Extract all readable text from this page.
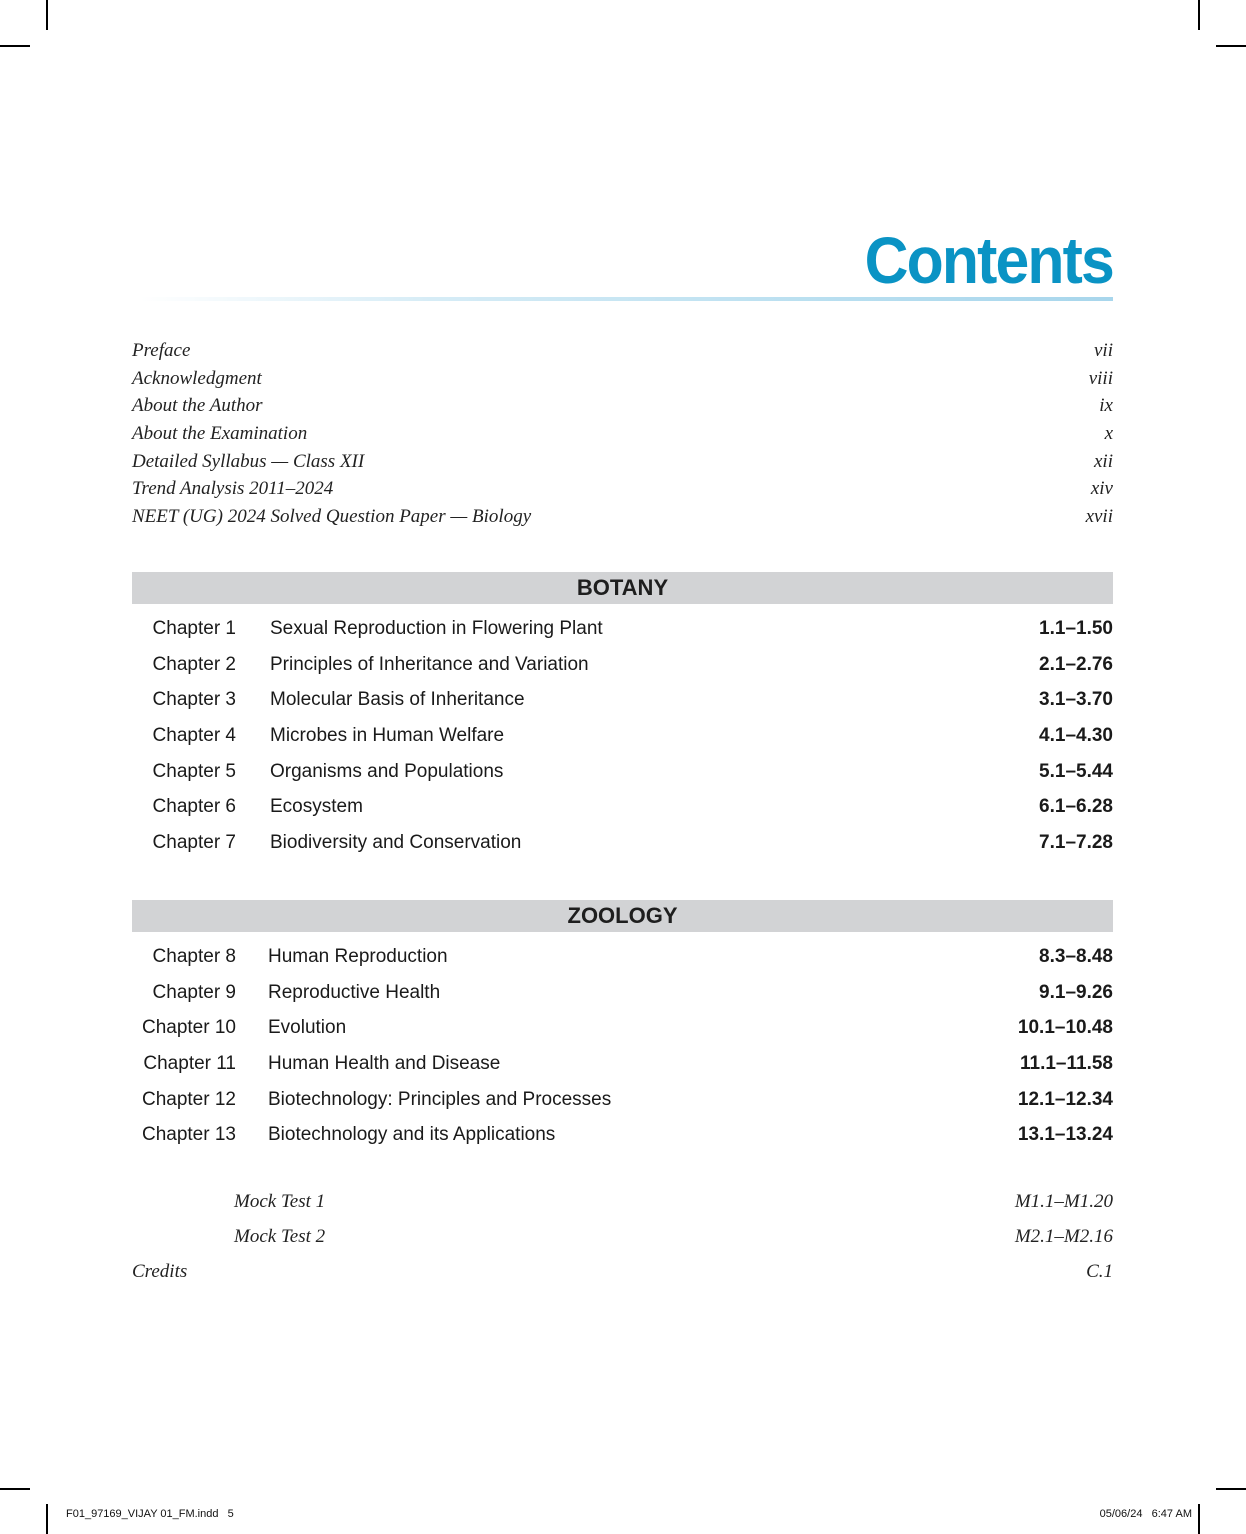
Contents
Preface	vii
Acknowledgment	viii
About the Author	ix
About the Examination	x
Detailed Syllabus — Class XII	xii
Trend Analysis 2011–2024	xiv
NEET (UG) 2024 Solved Question Paper — Biology	xvii
BOTANY
Chapter 1 Sexual Reproduction in Flowering Plant	1.1–1.50
Chapter 2 Principles of Inheritance and Variation	2.1–2.76
Chapter 3 Molecular Basis of Inheritance	3.1–3.70
Chapter 4 Microbes in Human Welfare	4.1–4.30
Chapter 5 Organisms and Populations	5.1–5.44
Chapter 6 Ecosystem	6.1–6.28
Chapter 7 Biodiversity and Conservation	7.1–7.28
ZOOLOGY
Chapter 8 Human Reproduction	8.3–8.48
Chapter 9 Reproductive Health	9.1–9.26
Chapter 10 Evolution	10.1–10.48
Chapter 11 Human Health and Disease	11.1–11.58
Chapter 12 Biotechnology: Principles and Processes	12.1–12.34
Chapter 13 Biotechnology and its Applications	13.1–13.24
Mock Test 1	M1.1–M1.20
Mock Test 2	M2.1–M2.16
Credits	C.1
F01_97169_VIJAY 01_FM.indd   5	05/06/24   6:47 AM
